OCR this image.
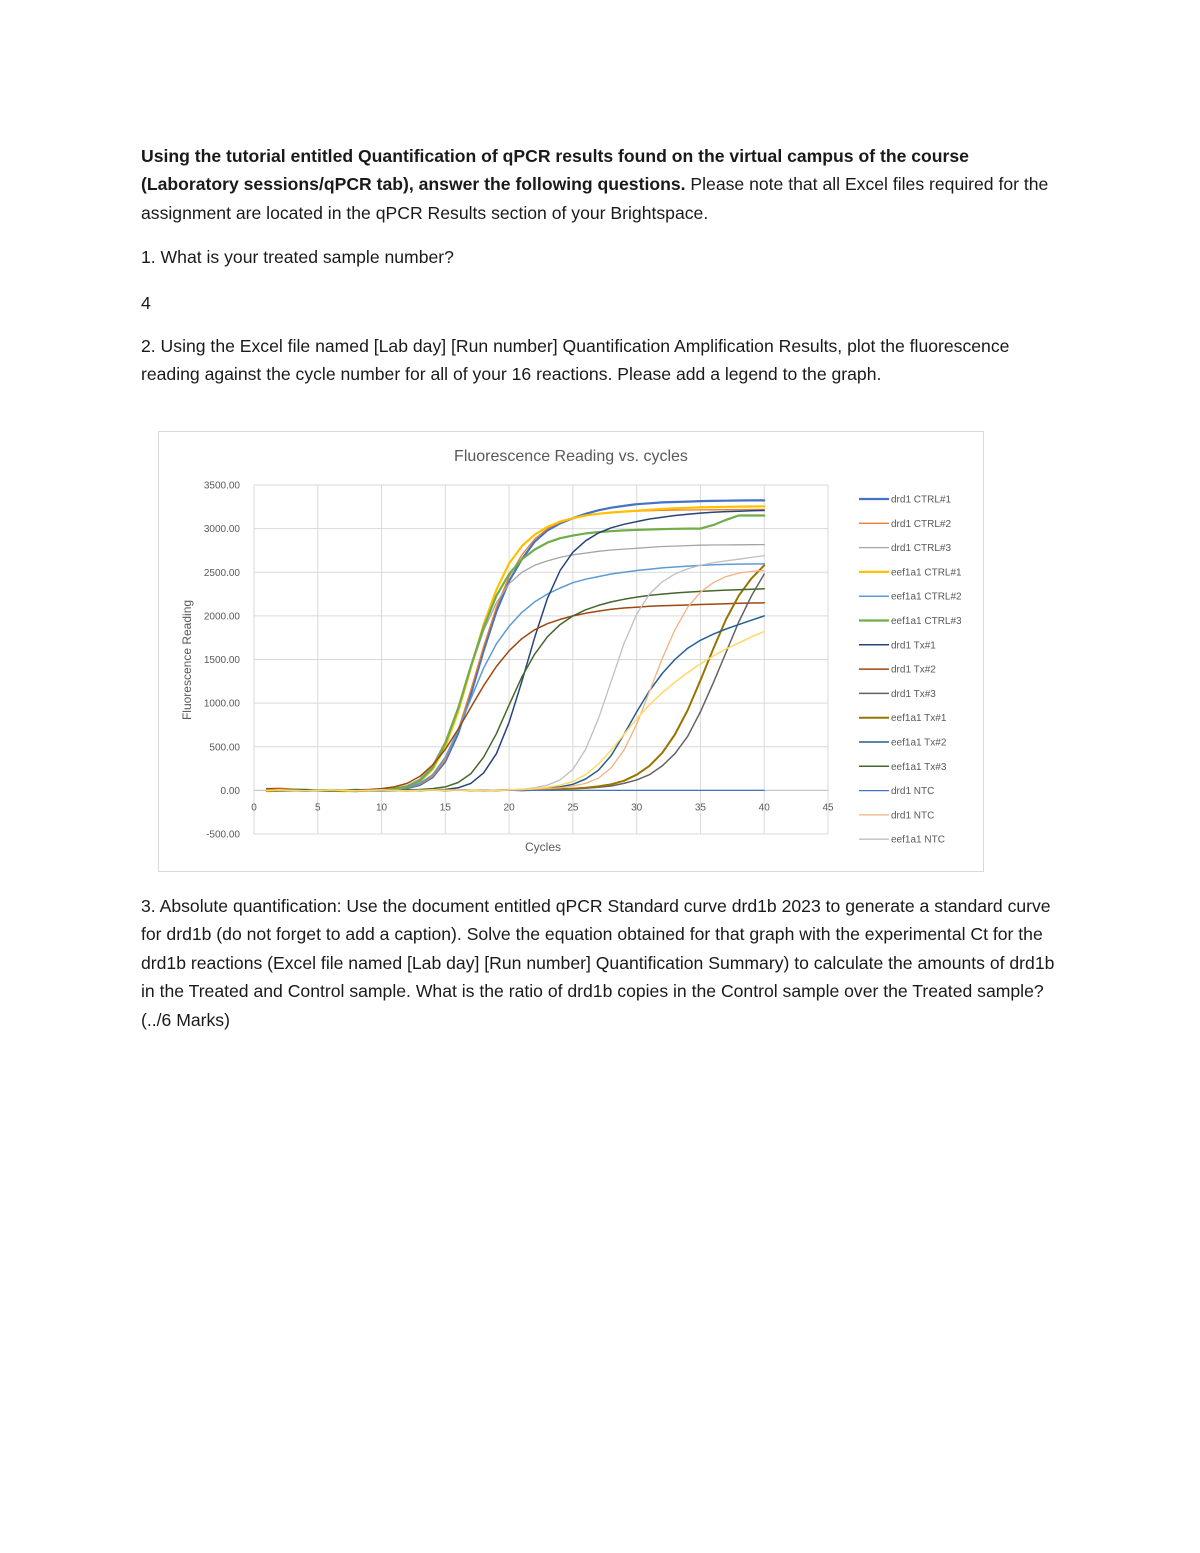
Using the tutorial entitled Quantification of qPCR results found on the virtual campus of the course (Laboratory sessions/qPCR tab), answer the following questions. Please note that all Excel files required for the assignment are located in the qPCR Results section of your Brightspace.

1. What is your treated sample number?

4

2. Using the Excel file named [Lab day] [Run number] Quantification Amplification Results, plot the fluorescence reading against the cycle number for all of your 16 reactions. Please add a legend to the graph.

-500.00
0.00
500.00
1000.00
1500.00
2000.00
2500.00
3000.00
3500.00
0	5	10	15	20	25	30	35	40	45
drd1 CTRL#1
drd1 CTRL#2
drd1 CTRL#3
eef1a1 CTRL#1
eef1a1 CTRL#2
eef1a1 CTRL#3
drd1 Tx#1
drd1 Tx#2
drd1 Tx#3
eef1a1 Tx#1
eef1a1 Tx#2
eef1a1 Tx#3
drd1 NTC
drd1 NTC
eef1a1 NTC
Fluorescence Reading vs. cycles
Cycles
Fluorescence Reading

3. Absolute quantification: Use the document entitled qPCR Standard curve drd1b 2023 to generate a standard curve for drd1b (do not forget to add a caption). Solve the equation obtained for that graph with the experimental Ct for the drd1b reactions (Excel file named [Lab day] [Run number] Quantification Summary) to calculate the amounts of drd1b in the Treated and Control sample. What is the ratio of drd1b copies in the Control sample over the Treated sample? (../6 Marks)
